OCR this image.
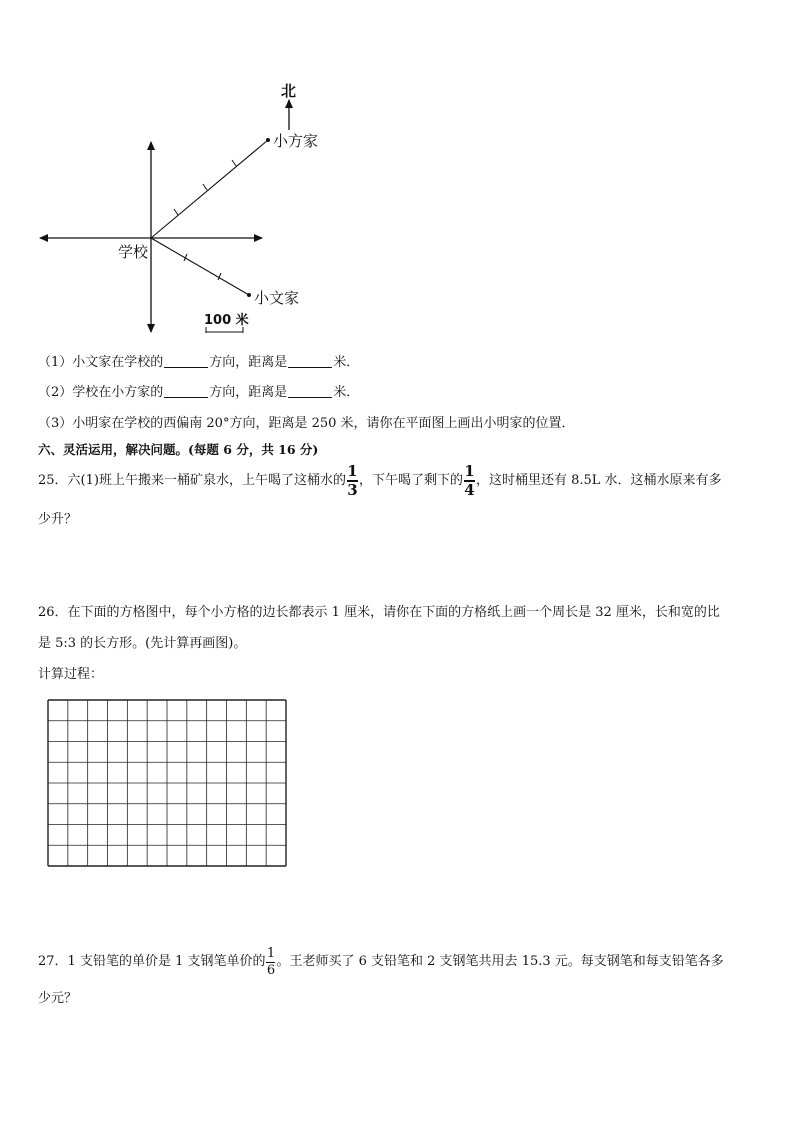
北
小方家
学校
小文家
100 米
（1）小文家在学校的	方向，距离是	米．
（2）学校在小方家的	方向，距离是	米．
（3）小明家在学校的西偏南 20°方向，距离是 250 米，请你在平面图上画出小明家的位置．
六、灵活运用，解决问题。(每题 6 分，共 16 分)
25．六(1)班上午搬来一桶矿泉水，上午喝了这桶水的 $\frac{1}{3}$ ，下午喝了剩下的 $\frac{1}{4}$ ，这时桶里还有 8.5L 水．这桶水原来有多
少升？
26．在下面的方格图中，每个小方格的边长都表示 1 厘米，请你在下面的方格纸上画一个周长是 32 厘米，长和宽的比
是 5:3 的长方形。(先计算再画图)。
计算过程：
27．1 支铅笔的单价是 1 支钢笔单价的 $\frac{1}{6}$ 。王老师买了 6 支铅笔和 2 支钢笔共用去 15.3 元。每支钢笔和每支铅笔各多
少元？
